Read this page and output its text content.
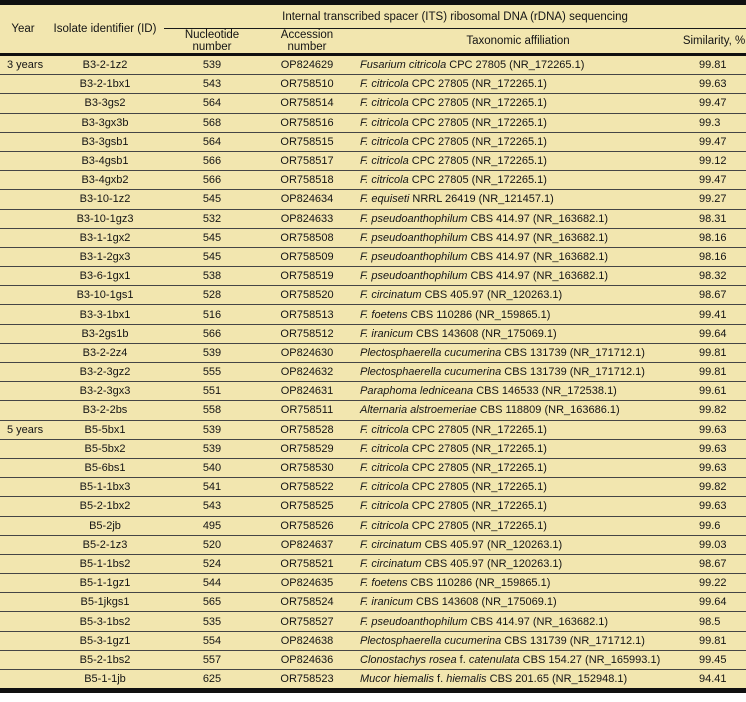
Year	Isolate identifier (ID)	Internal transcribed spacer (ITS) ribosomal DNA (rDNA) sequencing			
		Nucleotide number	Accession number	Taxonomic affiliation	Similarity, %
3 years	B3-2-1z2	539	OP824629	Fusarium citricola CPC 27805 (NR_172265.1)	99.81
	B3-2-1bx1	543	OR758510	F. citricola CPC 27805 (NR_172265.1)	99.63
	B3-3gs2	564	OR758514	F. citricola CPC 27805 (NR_172265.1)	99.47
	B3-3gx3b	568	OR758516	F. citricola CPC 27805 (NR_172265.1)	99.3
	B3-3gsb1	564	OR758515	F. citricola CPC 27805 (NR_172265.1)	99.47
	B3-4gsb1	566	OR758517	F. citricola CPC 27805 (NR_172265.1)	99.12
	B3-4gxb2	566	OR758518	F. citricola CPC 27805 (NR_172265.1)	99.47
	B3-10-1z2	545	OP824634	F. equiseti NRRL 26419 (NR_121457.1)	99.27
	B3-10-1gz3	532	OP824633	F. pseudoanthophilum CBS 414.97 (NR_163682.1)	98.31
	B3-1-1gx2	545	OR758508	F. pseudoanthophilum CBS 414.97 (NR_163682.1)	98.16
	B3-1-2gx3	545	OR758509	F. pseudoanthophilum CBS 414.97 (NR_163682.1)	98.16
	B3-6-1gx1	538	OR758519	F. pseudoanthophilum CBS 414.97 (NR_163682.1)	98.32
	B3-10-1gs1	528	OR758520	F. circinatum CBS 405.97 (NR_120263.1)	98.67
	B3-3-1bx1	516	OR758513	F. foetens CBS 110286 (NR_159865.1)	99.41
	B3-2gs1b	566	OR758512	F. iranicum CBS 143608 (NR_175069.1)	99.64
	B3-2-2z4	539	OP824630	Plectosphaerella cucumerina CBS 131739 (NR_171712.1)	99.81
	B3-2-3gz2	555	OP824632	Plectosphaerella cucumerina CBS 131739 (NR_171712.1)	99.81
	B3-2-3gx3	551	OP824631	Paraphoma ledniceana CBS 146533 (NR_172538.1)	99.61
	B3-2-2bs	558	OR758511	Alternaria alstroemeriae CBS 118809 (NR_163686.1)	99.82
5 years	B5-5bx1	539	OR758528	F. citricola CPC 27805 (NR_172265.1)	99.63
	B5-5bx2	539	OR758529	F. citricola CPC 27805 (NR_172265.1)	99.63
	B5-6bs1	540	OR758530	F. citricola CPC 27805 (NR_172265.1)	99.63
	B5-1-1bx3	541	OR758522	F. citricola CPC 27805 (NR_172265.1)	99.82
	B5-2-1bx2	543	OR758525	F. citricola CPC 27805 (NR_172265.1)	99.63
	B5-2jb	495	OR758526	F. citricola CPC 27805 (NR_172265.1)	99.6
	B5-2-1z3	520	OP824637	F. circinatum CBS 405.97 (NR_120263.1)	99.03
	B5-1-1bs2	524	OR758521	F. circinatum CBS 405.97 (NR_120263.1)	98.67
	B5-1-1gz1	544	OP824635	F. foetens CBS 110286 (NR_159865.1)	99.22
	B5-1jkgs1	565	OR758524	F. iranicum CBS 143608 (NR_175069.1)	99.64
	B5-3-1bs2	535	OR758527	F. pseudoanthophilum CBS 414.97 (NR_163682.1)	98.5
	B5-3-1gz1	554	OP824638	Plectosphaerella cucumerina CBS 131739 (NR_171712.1)	99.81
	B5-2-1bs2	557	OP824636	Clonostachys rosea f. catenulata CBS 154.27 (NR_165993.1)	99.45
	B5-1-1jb	625	OR758523	Mucor hiemalis f. hiemalis CBS 201.65 (NR_152948.1)	94.41
